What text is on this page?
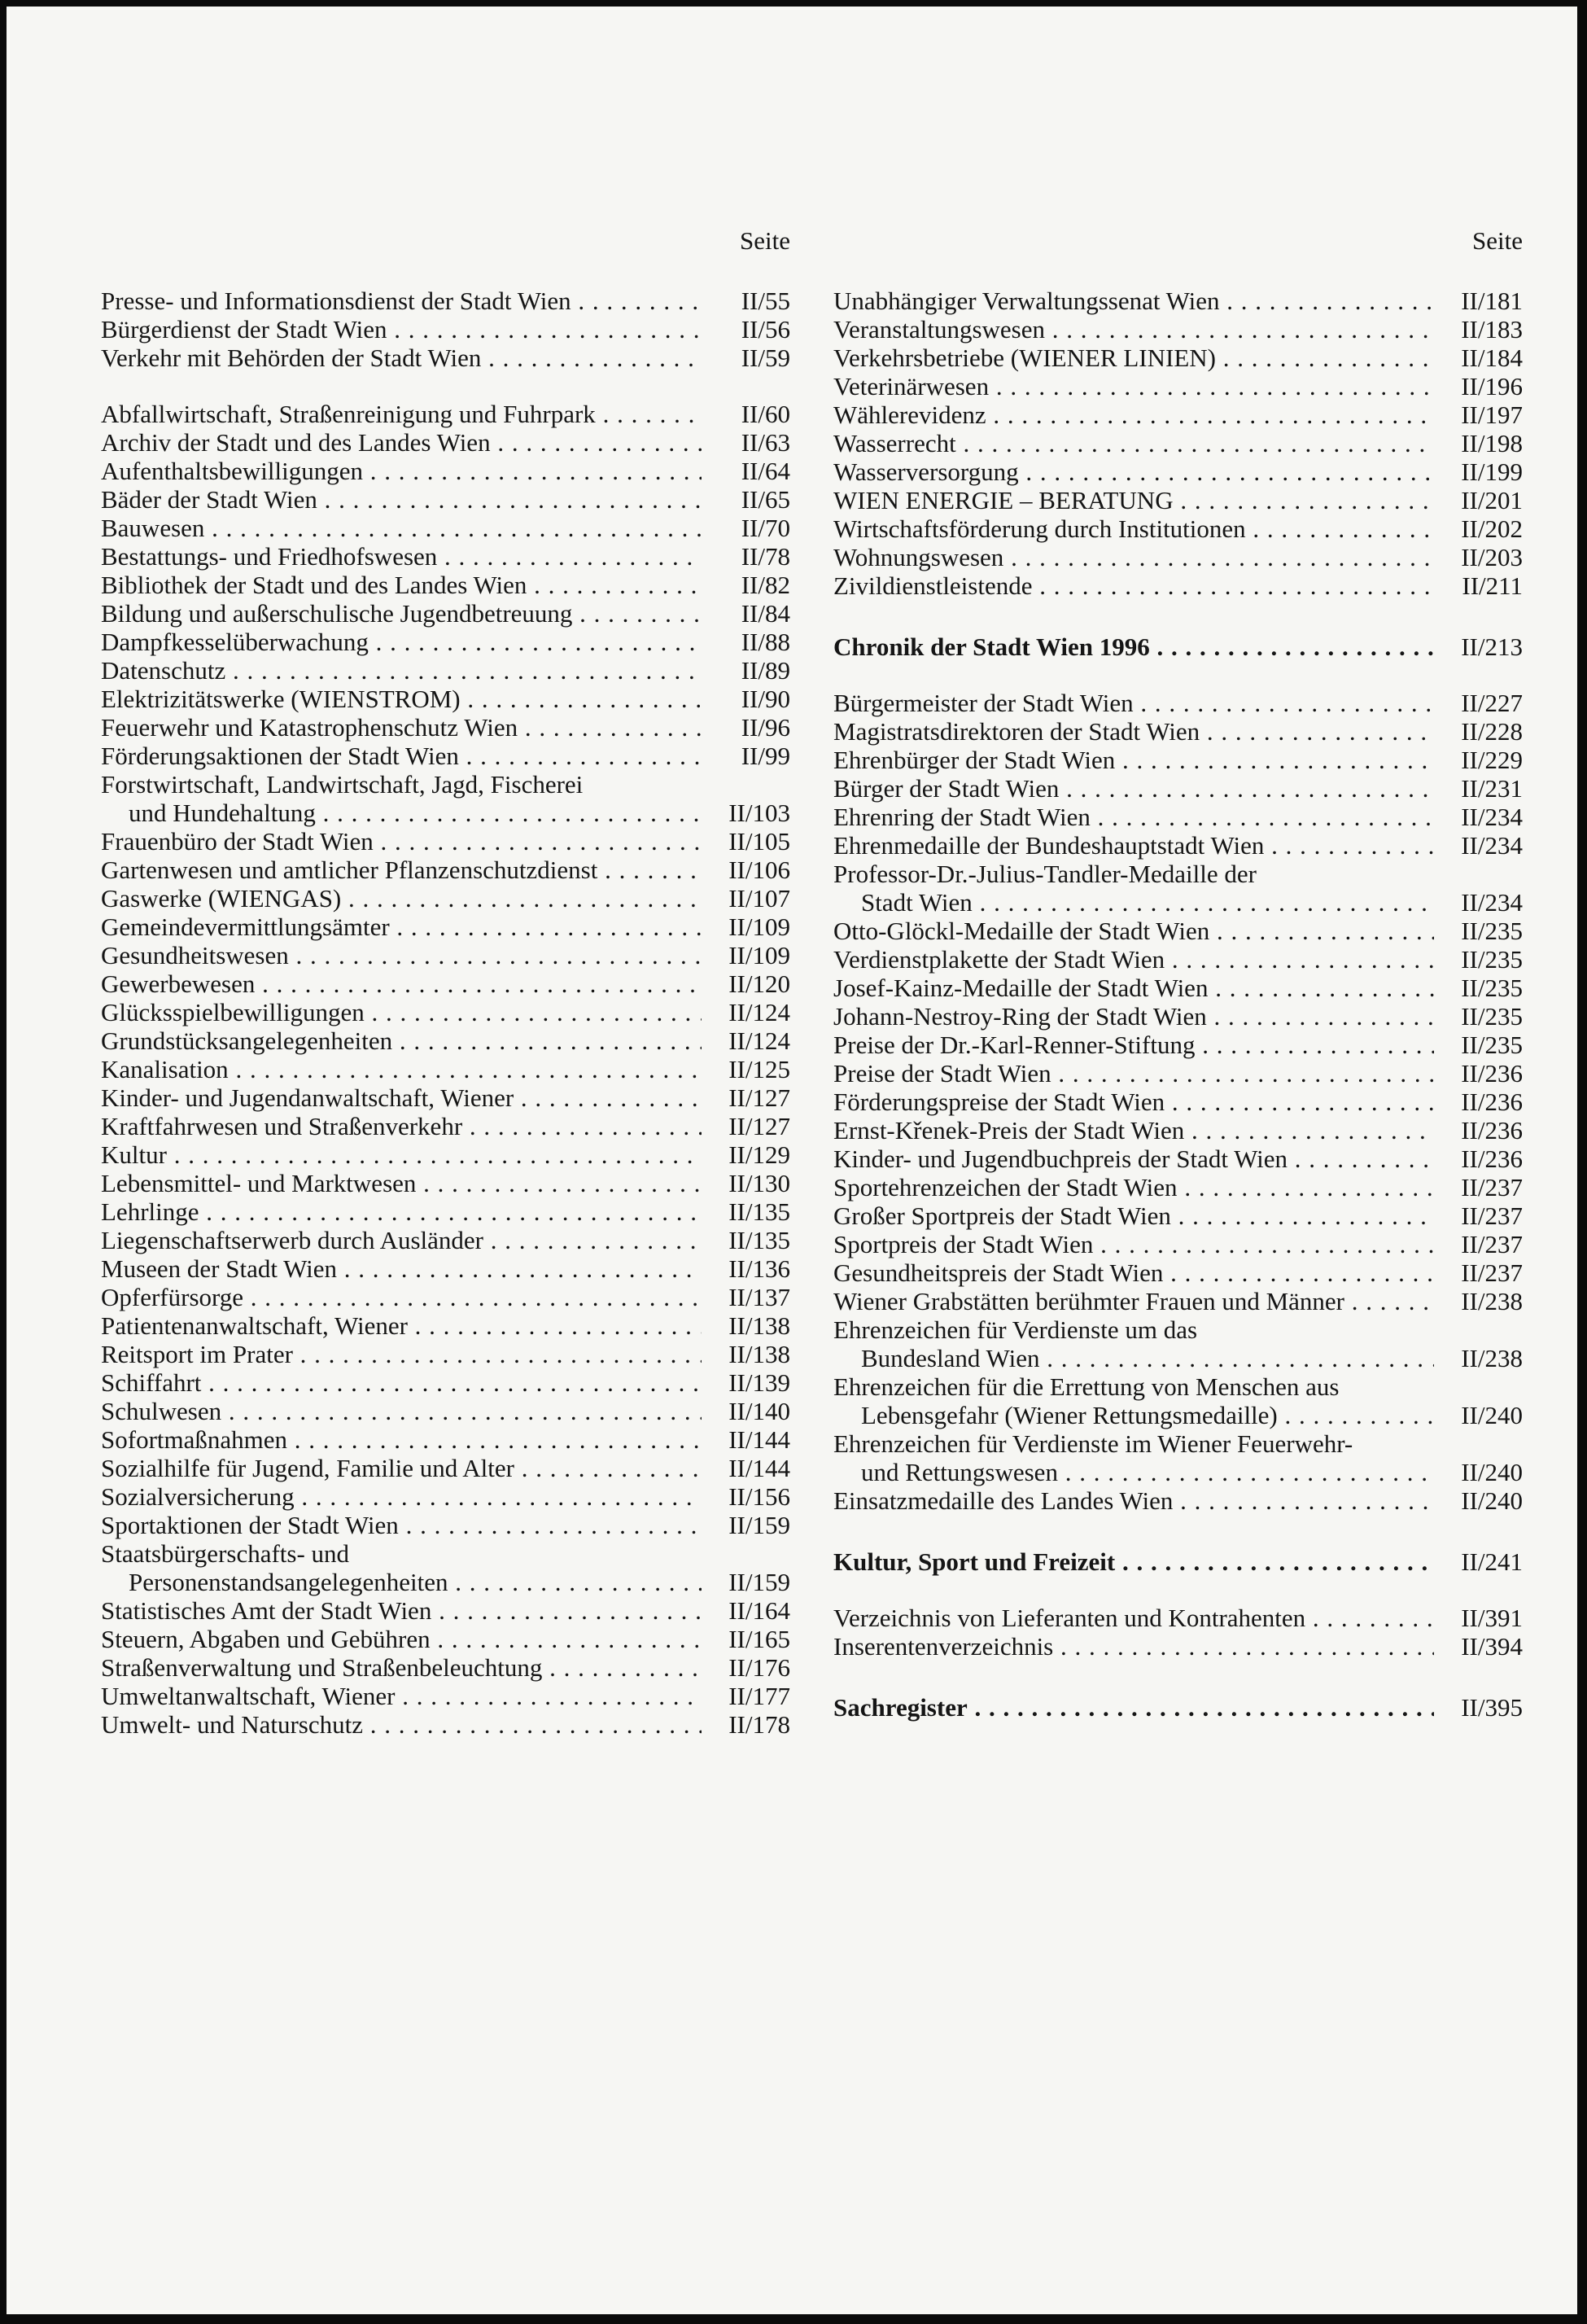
Seite
Presse- und Informationsdienst der Stadt Wien . . .	II/55
Bürgerdienst der Stadt Wien . . .	II/56
Verkehr mit Behörden der Stadt Wien . . .	II/59
Abfallwirtschaft, Straßenreinigung und Fuhrpark . . .	II/60
Archiv der Stadt und des Landes Wien . . .	II/63
Aufenthaltsbewilligungen . . .	II/64
Bäder der Stadt Wien . . .	II/65
Bauwesen . . .	II/70
Bestattungs- und Friedhofswesen . . .	II/78
Bibliothek der Stadt und des Landes Wien . . .	II/82
Bildung und außerschulische Jugendbetreuung . . .	II/84
Dampfkesselüberwachung . . .	II/88
Datenschutz . . .	II/89
Elektrizitätswerke (WIENSTROM) . . .	II/90
Feuerwehr und Katastrophenschutz Wien . . .	II/96
Förderungsaktionen der Stadt Wien . . .	II/99
Forstwirtschaft, Landwirtschaft, Jagd, Fischerei
und Hundehaltung . . .	II/103
Frauenbüro der Stadt Wien . . .	II/105
Gartenwesen und amtlicher Pflanzenschutzdienst . . .	II/106
Gaswerke (WIENGAS) . . .	II/107
Gemeindevermittlungsämter . . .	II/109
Gesundheitswesen . . .	II/109
Gewerbewesen . . .	II/120
Glücksspielbewilligungen . . .	II/124
Grundstücksangelegenheiten . . .	II/124
Kanalisation . . .	II/125
Kinder- und Jugendanwaltschaft, Wiener . . .	II/127
Kraftfahrwesen und Straßenverkehr . . .	II/127
Kultur . . .	II/129
Lebensmittel- und Marktwesen . . .	II/130
Lehrlinge . . .	II/135
Liegenschaftserwerb durch Ausländer . . .	II/135
Museen der Stadt Wien . . .	II/136
Opferfürsorge . . .	II/137
Patientenanwaltschaft, Wiener . . .	II/138
Reitsport im Prater . . .	II/138
Schiffahrt . . .	II/139
Schulwesen . . .	II/140
Sofortmaßnahmen . . .	II/144
Sozialhilfe für Jugend, Familie und Alter . . .	II/144
Sozialversicherung . . .	II/156
Sportaktionen der Stadt Wien . . .	II/159
Staatsbürgerschafts- und
Personenstandsangelegenheiten . . .	II/159
Statistisches Amt der Stadt Wien . . .	II/164
Steuern, Abgaben und Gebühren . . .	II/165
Straßenverwaltung und Straßenbeleuchtung . . .	II/176
Umweltanwaltschaft, Wiener . . .	II/177
Umwelt- und Naturschutz . . .	II/178
Seite
Unabhängiger Verwaltungssenat Wien . . .	II/181
Veranstaltungswesen . . .	II/183
Verkehrsbetriebe (WIENER LINIEN) . . .	II/184
Veterinärwesen . . .	II/196
Wählerevidenz . . .	II/197
Wasserrecht . . .	II/198
Wasserversorgung . . .	II/199
WIEN ENERGIE – BERATUNG . . .	II/201
Wirtschaftsförderung durch Institutionen . . .	II/202
Wohnungswesen . . .	II/203
Zivildienstleistende . . .	II/211
Chronik der Stadt Wien 1996 . . .	II/213
Bürgermeister der Stadt Wien . . .	II/227
Magistratsdirektoren der Stadt Wien . . .	II/228
Ehrenbürger der Stadt Wien . . .	II/229
Bürger der Stadt Wien . . .	II/231
Ehrenring der Stadt Wien . . .	II/234
Ehrenmedaille der Bundeshauptstadt Wien . . .	II/234
Professor-Dr.-Julius-Tandler-Medaille der
Stadt Wien . . .	II/234
Otto-Glöckl-Medaille der Stadt Wien . . .	II/235
Verdienstplakette der Stadt Wien . . .	II/235
Josef-Kainz-Medaille der Stadt Wien . . .	II/235
Johann-Nestroy-Ring der Stadt Wien . . .	II/235
Preise der Dr.-Karl-Renner-Stiftung . . .	II/235
Preise der Stadt Wien . . .	II/236
Förderungspreise der Stadt Wien . . .	II/236
Ernst-Křenek-Preis der Stadt Wien . . .	II/236
Kinder- und Jugendbuchpreis der Stadt Wien . . .	II/236
Sportehrenzeichen der Stadt Wien . . .	II/237
Großer Sportpreis der Stadt Wien . . .	II/237
Sportpreis der Stadt Wien . . .	II/237
Gesundheitspreis der Stadt Wien . . .	II/237
Wiener Grabstätten berühmter Frauen und Männer . . .	II/238
Ehrenzeichen für Verdienste um das
Bundesland Wien . . .	II/238
Ehrenzeichen für die Errettung von Menschen aus
Lebensgefahr (Wiener Rettungsmedaille) . . .	II/240
Ehrenzeichen für Verdienste im Wiener Feuerwehr-
und Rettungswesen . . .	II/240
Einsatzmedaille des Landes Wien . . .	II/240
Kultur, Sport und Freizeit . . .	II/241
Verzeichnis von Lieferanten und Kontrahenten . . .	II/391
Inserentenverzeichnis . . .	II/394
Sachregister . . .	II/395
